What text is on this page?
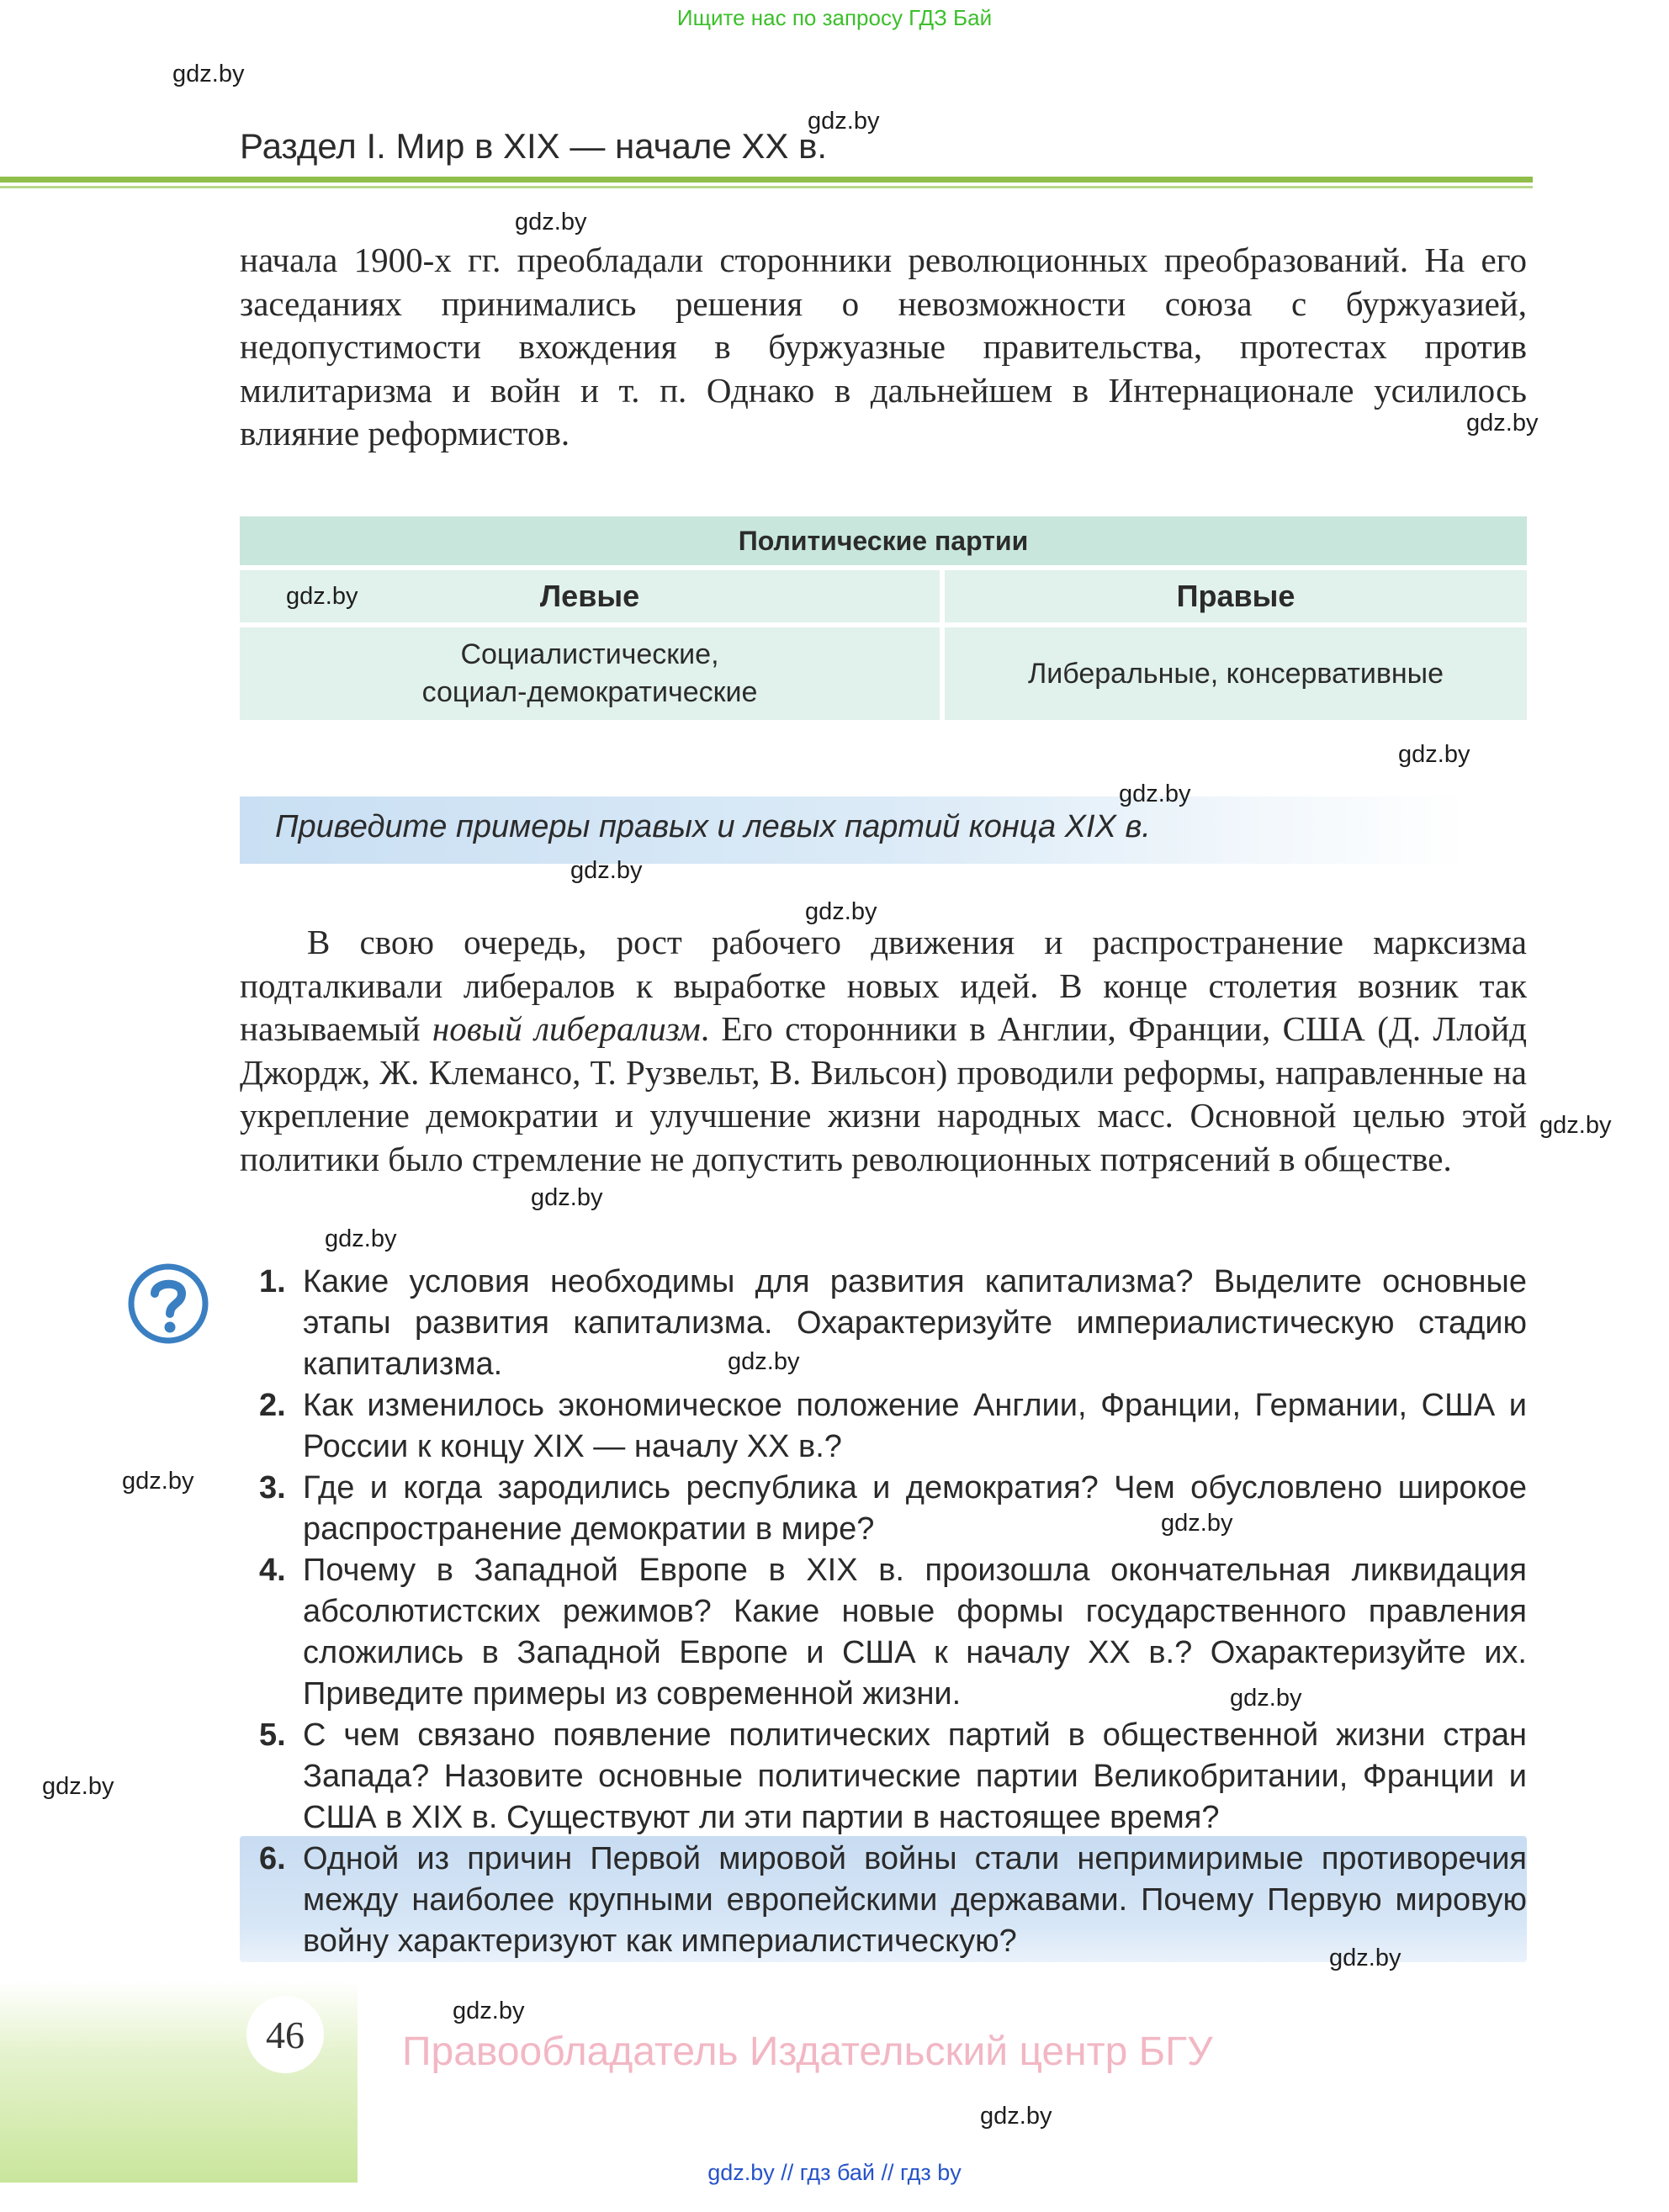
Ищите нас по запросу ГДЗ Бай
Раздел I. Мир в XIX — начале XX в.

начала 1900-х гг. преобладали сторонники революционных преобразований. На его заседаниях принимались решения о невозможности союза с буржуазией, недопустимости вхождения в буржуазные правительства, протестах против милитаризма и войн и т. п. Однако в дальнейшем в Интернационале усилилось влияние реформистов.

Политические партии
Левые	Правые
Социалистические,
социал-демократические
Либеральные, консервативные
Приведите примеры правых и левых партий конца XIX в.

В свою очередь, рост рабочего движения и распространение марксизма подталкивали либералов к выработке новых идей. В конце столетия возник так называемый новый либерализм. Его сторонники в Англии, Франции, США (Д. Ллойд Джордж, Ж. Клемансо, Т. Рузвельт, В. Вильсон) проводили реформы, направленные на укрепление демократии и улучшение жизни народных масс. Основной целью этой политики было стремление не допустить революционных потрясений в обществе.

1. Какие условия необходимы для развития капитализма? Выделите основные этапы развития капитализма. Охарактеризуйте империалистическую стадию капитализма.
2. Как изменилось экономическое положение Англии, Франции, Германии, США и России к концу XIX — началу XX в.?
3. Где и когда зародились республика и демократия? Чем обусловлено широкое распространение демократии в мире?
4. Почему в Западной Европе в XIX в. произошла окончательная ликвидация абсолютистских режимов? Какие новые формы государственного правления сложились в Западной Европе и США к началу XX в.? Охарактеризуйте их. Приведите примеры из современной жизни.
5. С чем связано появление политических партий в общественной жизни стран Запада? Назовите основные политические партии Великобритании, Франции и США в XIX в. Существуют ли эти партии в настоящее время?
6. Одной из причин Первой мировой войны стали непримиримые противоречия между наиболее крупными европейскими державами. Почему Первую мировую войну характеризуют как империалистическую?
46	Правообладатель Издательский центр БГУ
gdz.by // гдз бай // гдз by
gdz.by
gdz.by
gdz.by
gdz.by
gdz.by
gdz.by
gdz.by
gdz.by
gdz.by
gdz.by
gdz.by
gdz.by
gdz.by
gdz.by
gdz.by
gdz.by
gdz.by
gdz.by
gdz.by
gdz.by
